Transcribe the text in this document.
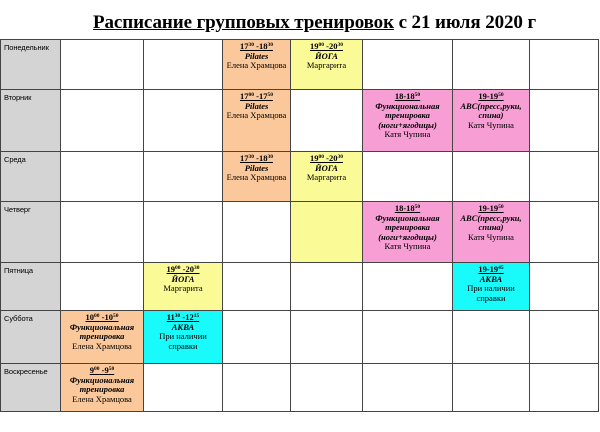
Расписание групповых тренировок с 21 июля 2020 г
Понедельник			$17^{30}$ $-18^{30}$
Pilates
Елена Храмцова	$19^{00}$ $-20^{30}$
ЙОГА
Маргарита			

Вторник			$17^{00}$ $-17^{50}$
Pilates
Елена Храмцова		$18-18^{50}$
Функциональная тренировка (ноги+ягодицы)
Катя Чупина	$19-19^{50}$
ABC(пресс,руки, спина)
Катя Чупина	

Среда			$17^{30}$ $-18^{30}$
Pilates
Елена Храмцова	$19^{00}$ $-20^{30}$
ЙОГА
Маргарита			

Четверг					$18-18^{50}$
Функциональная тренировка (ноги+ягодицы)
Катя Чупина	$19-19^{50}$
ABC(пресс,руки, спина)
Катя Чупина	

Пятница		$19^{00}$ $-20^{30}$
ЙОГА
Маргарита				$19-19^{45}$
АКВА
При наличии справки	

Суббота	$10^{00}$ $-10^{50}$
Функциональная тренировка
Елена Храмцова	$11^{30}$ $-12^{15}$
АКВА
При наличии справки					

Воскресенье	$9^{00}$ $-9^{50}$
Функциональная тренировка
Елена Храмцова						
